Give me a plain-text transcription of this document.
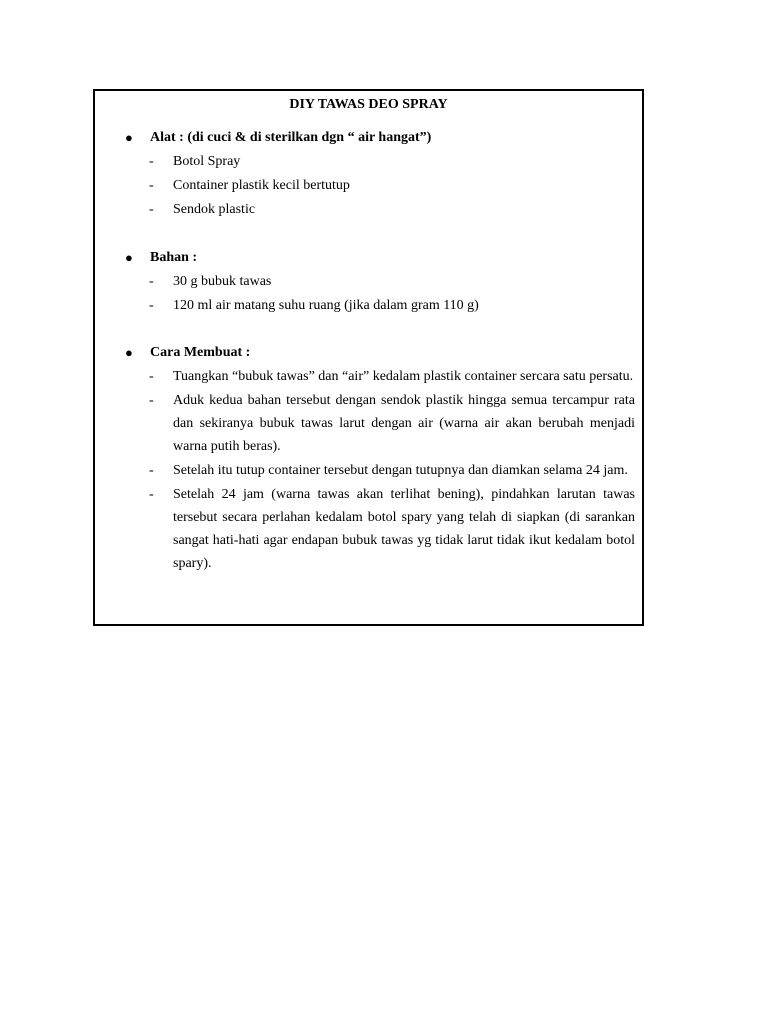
DIY TAWAS DEO SPRAY
● Alat : (di cuci & di sterilkan dgn “ air hangat”)
- Botol Spray
- Container plastik kecil bertutup
- Sendok plastic
● Bahan :
- 30 g bubuk tawas
- 120 ml air matang suhu ruang (jika dalam gram 110 g)
● Cara Membuat :
- Tuangkan “bubuk tawas” dan “air” kedalam plastik container sercara satu persatu.
- Aduk kedua bahan tersebut dengan sendok plastik hingga semua tercampur rata dan sekiranya bubuk tawas larut dengan air (warna air akan berubah menjadi warna putih beras).
- Setelah itu tutup container tersebut dengan tutupnya dan diamkan selama 24 jam.
- Setelah 24 jam (warna tawas akan terlihat bening), pindahkan larutan tawas tersebut secara perlahan kedalam botol spary yang telah di siapkan (di sarankan sangat hati-hati agar endapan bubuk tawas yg tidak larut tidak ikut kedalam botol spary).
